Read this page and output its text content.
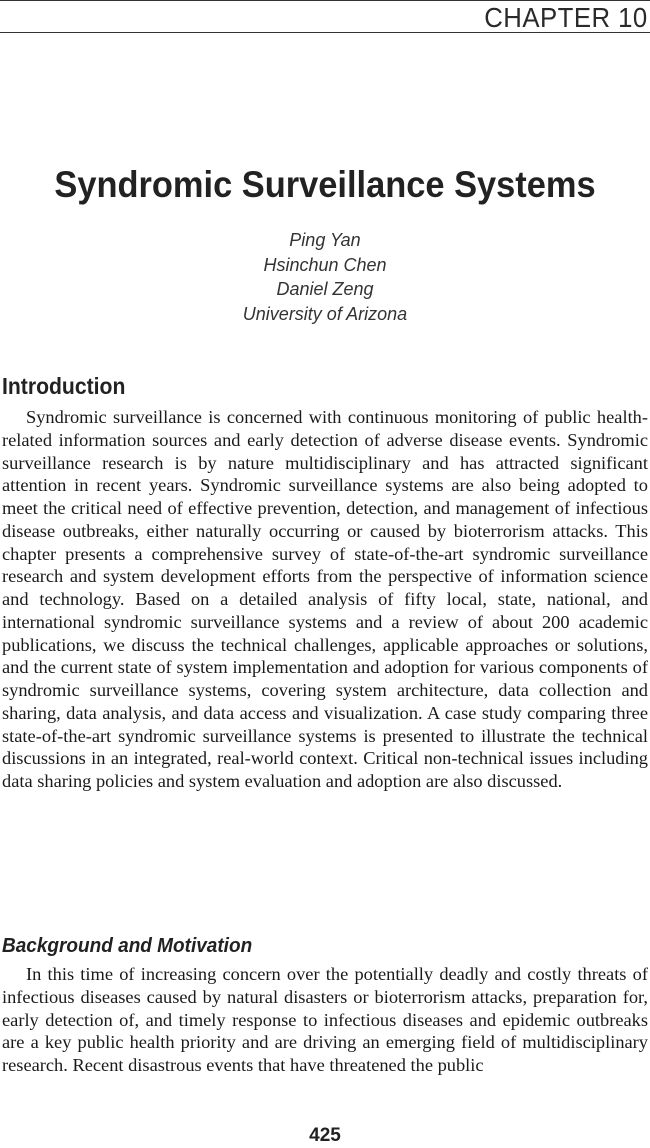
CHAPTER 10
Syndromic Surveillance Systems
Ping Yan
Hsinchun Chen
Daniel Zeng
University of Arizona
Introduction
Syndromic surveillance is concerned with continuous monitoring of public health-related information sources and early detection of adverse disease events. Syndromic surveillance research is by nature multidisciplinary and has attracted significant attention in recent years. Syndromic surveillance systems are also being adopted to meet the critical need of effective prevention, detection, and management of infectious disease outbreaks, either naturally occurring or caused by bioterrorism attacks. This chapter presents a comprehensive survey of state-of-the-art syndromic surveillance research and system development efforts from the perspective of information science and technology. Based on a detailed analysis of fifty local, state, national, and international syndromic surveillance systems and a review of about 200 academic publications, we discuss the technical challenges, applicable approaches or solutions, and the current state of system implementation and adoption for various components of syndromic surveillance systems, covering system architecture, data collection and sharing, data analysis, and data access and visualization. A case study comparing three state-of-the-art syndromic surveillance systems is presented to illustrate the technical discussions in an integrated, real-world context. Critical non-technical issues including data sharing policies and system evaluation and adoption are also discussed.
Background and Motivation
In this time of increasing concern over the potentially deadly and costly threats of infectious diseases caused by natural disasters or bioterrorism attacks, preparation for, early detection of, and timely response to infectious diseases and epidemic outbreaks are a key public health priority and are driving an emerging field of multidisciplinary research. Recent disastrous events that have threatened the public
425
